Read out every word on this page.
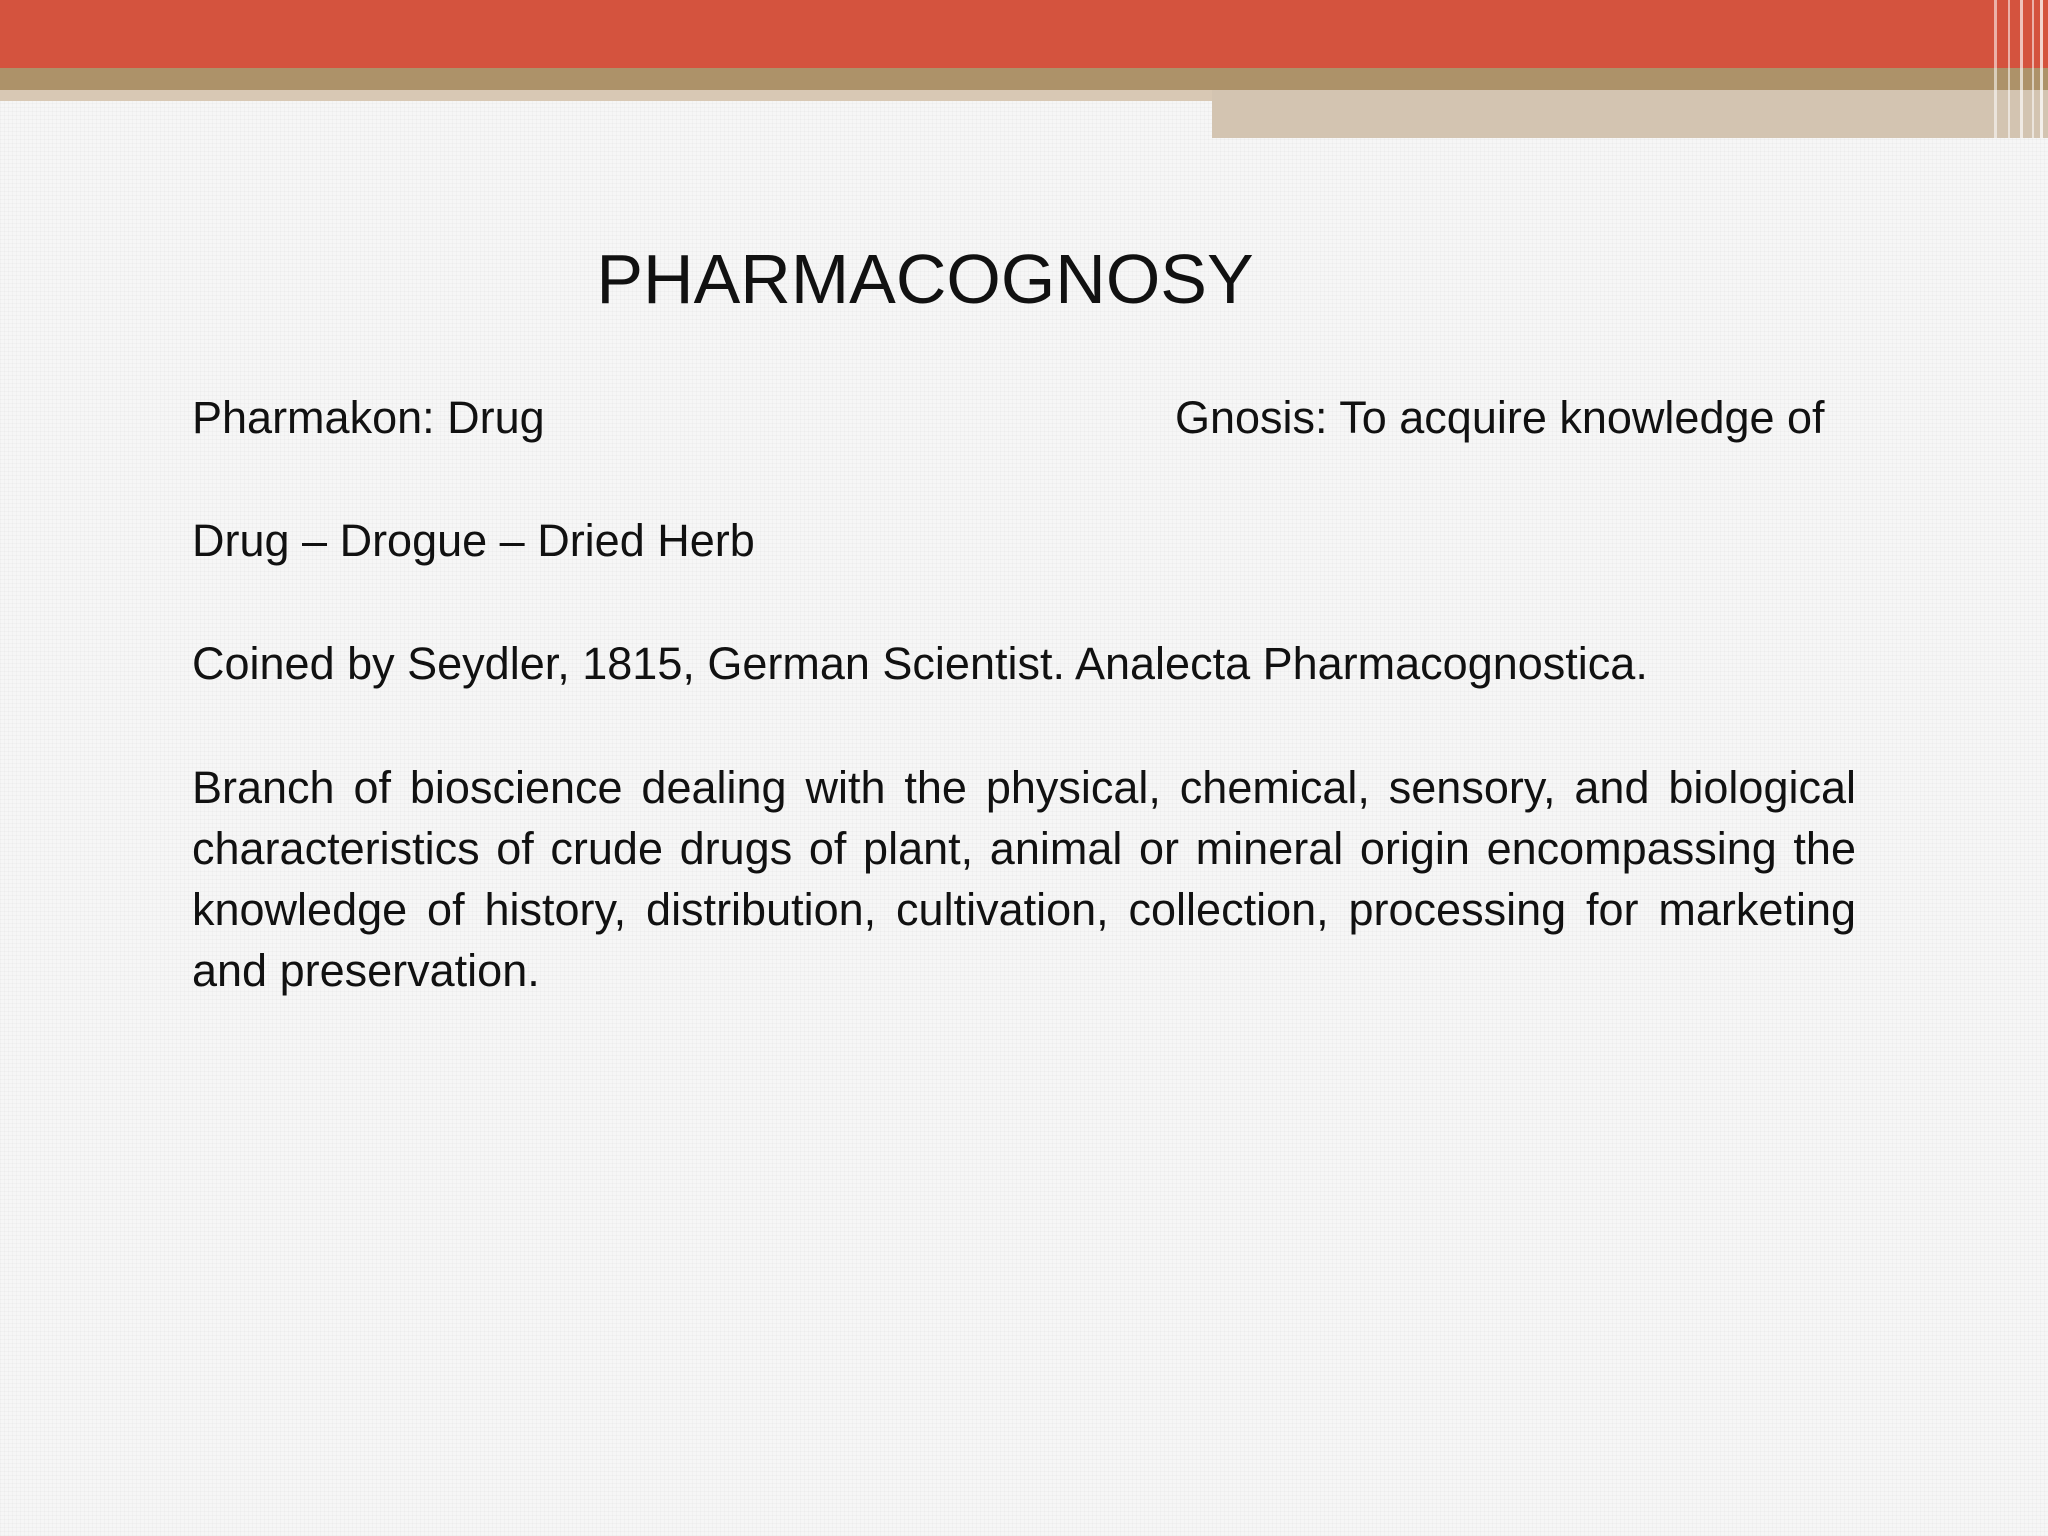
PHARMACOGNOSY
Pharmakon: Drug	Gnosis: To acquire knowledge of
Drug – Drogue – Dried Herb
Coined by Seydler, 1815, German Scientist. Analecta Pharmacognostica.

Branch of bioscience dealing with the physical, chemical, sensory, and biological characteristics of crude drugs of plant, animal or mineral origin encompassing the knowledge of history, distribution, cultivation, collection, processing for marketing and preservation.
